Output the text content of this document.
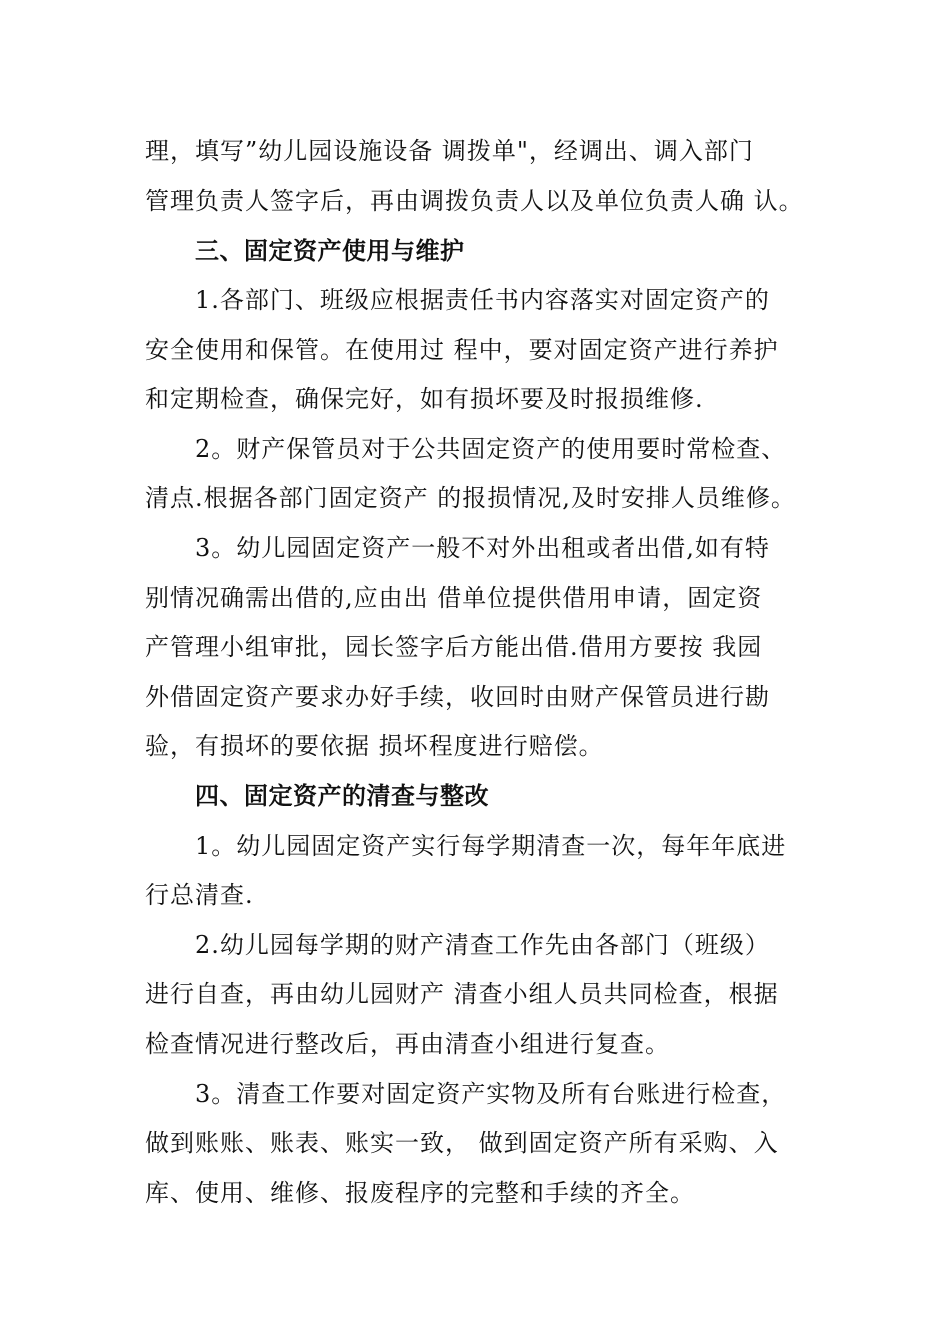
理，填写”幼儿园设施设备 调拨单"，经调出、调入部门
管理负责人签字后，再由调拨负责人以及单位负责人确 认。
三、固定资产使用与维护
1.各部门、班级应根据责任书内容落实对固定资产的
安全使用和保管。在使用过 程中，要对固定资产进行养护
和定期检查，确保完好，如有损坏要及时报损维修.
2。财产保管员对于公共固定资产的使用要时常检查、
清点.根据各部门固定资产 的报损情况,及时安排人员维修。
3。幼儿园固定资产一般不对外出租或者出借,如有特
别情况确需出借的,应由出 借单位提供借用申请，固定资
产管理小组审批，园长签字后方能出借.借用方要按 我园
外借固定资产要求办好手续，收回时由财产保管员进行勘
验，有损坏的要依据 损坏程度进行赔偿。
四、固定资产的清查与整改
1。幼儿园固定资产实行每学期清查一次，每年年底进
行总清查.
2.幼儿园每学期的财产清查工作先由各部门（班级）
进行自查，再由幼儿园财产 清查小组人员共同检查，根据
检查情况进行整改后，再由清查小组进行复查。
3。清查工作要对固定资产实物及所有台账进行检查，
做到账账、账表、账实一致， 做到固定资产所有采购、入
库、使用、维修、报废程序的完整和手续的齐全。
